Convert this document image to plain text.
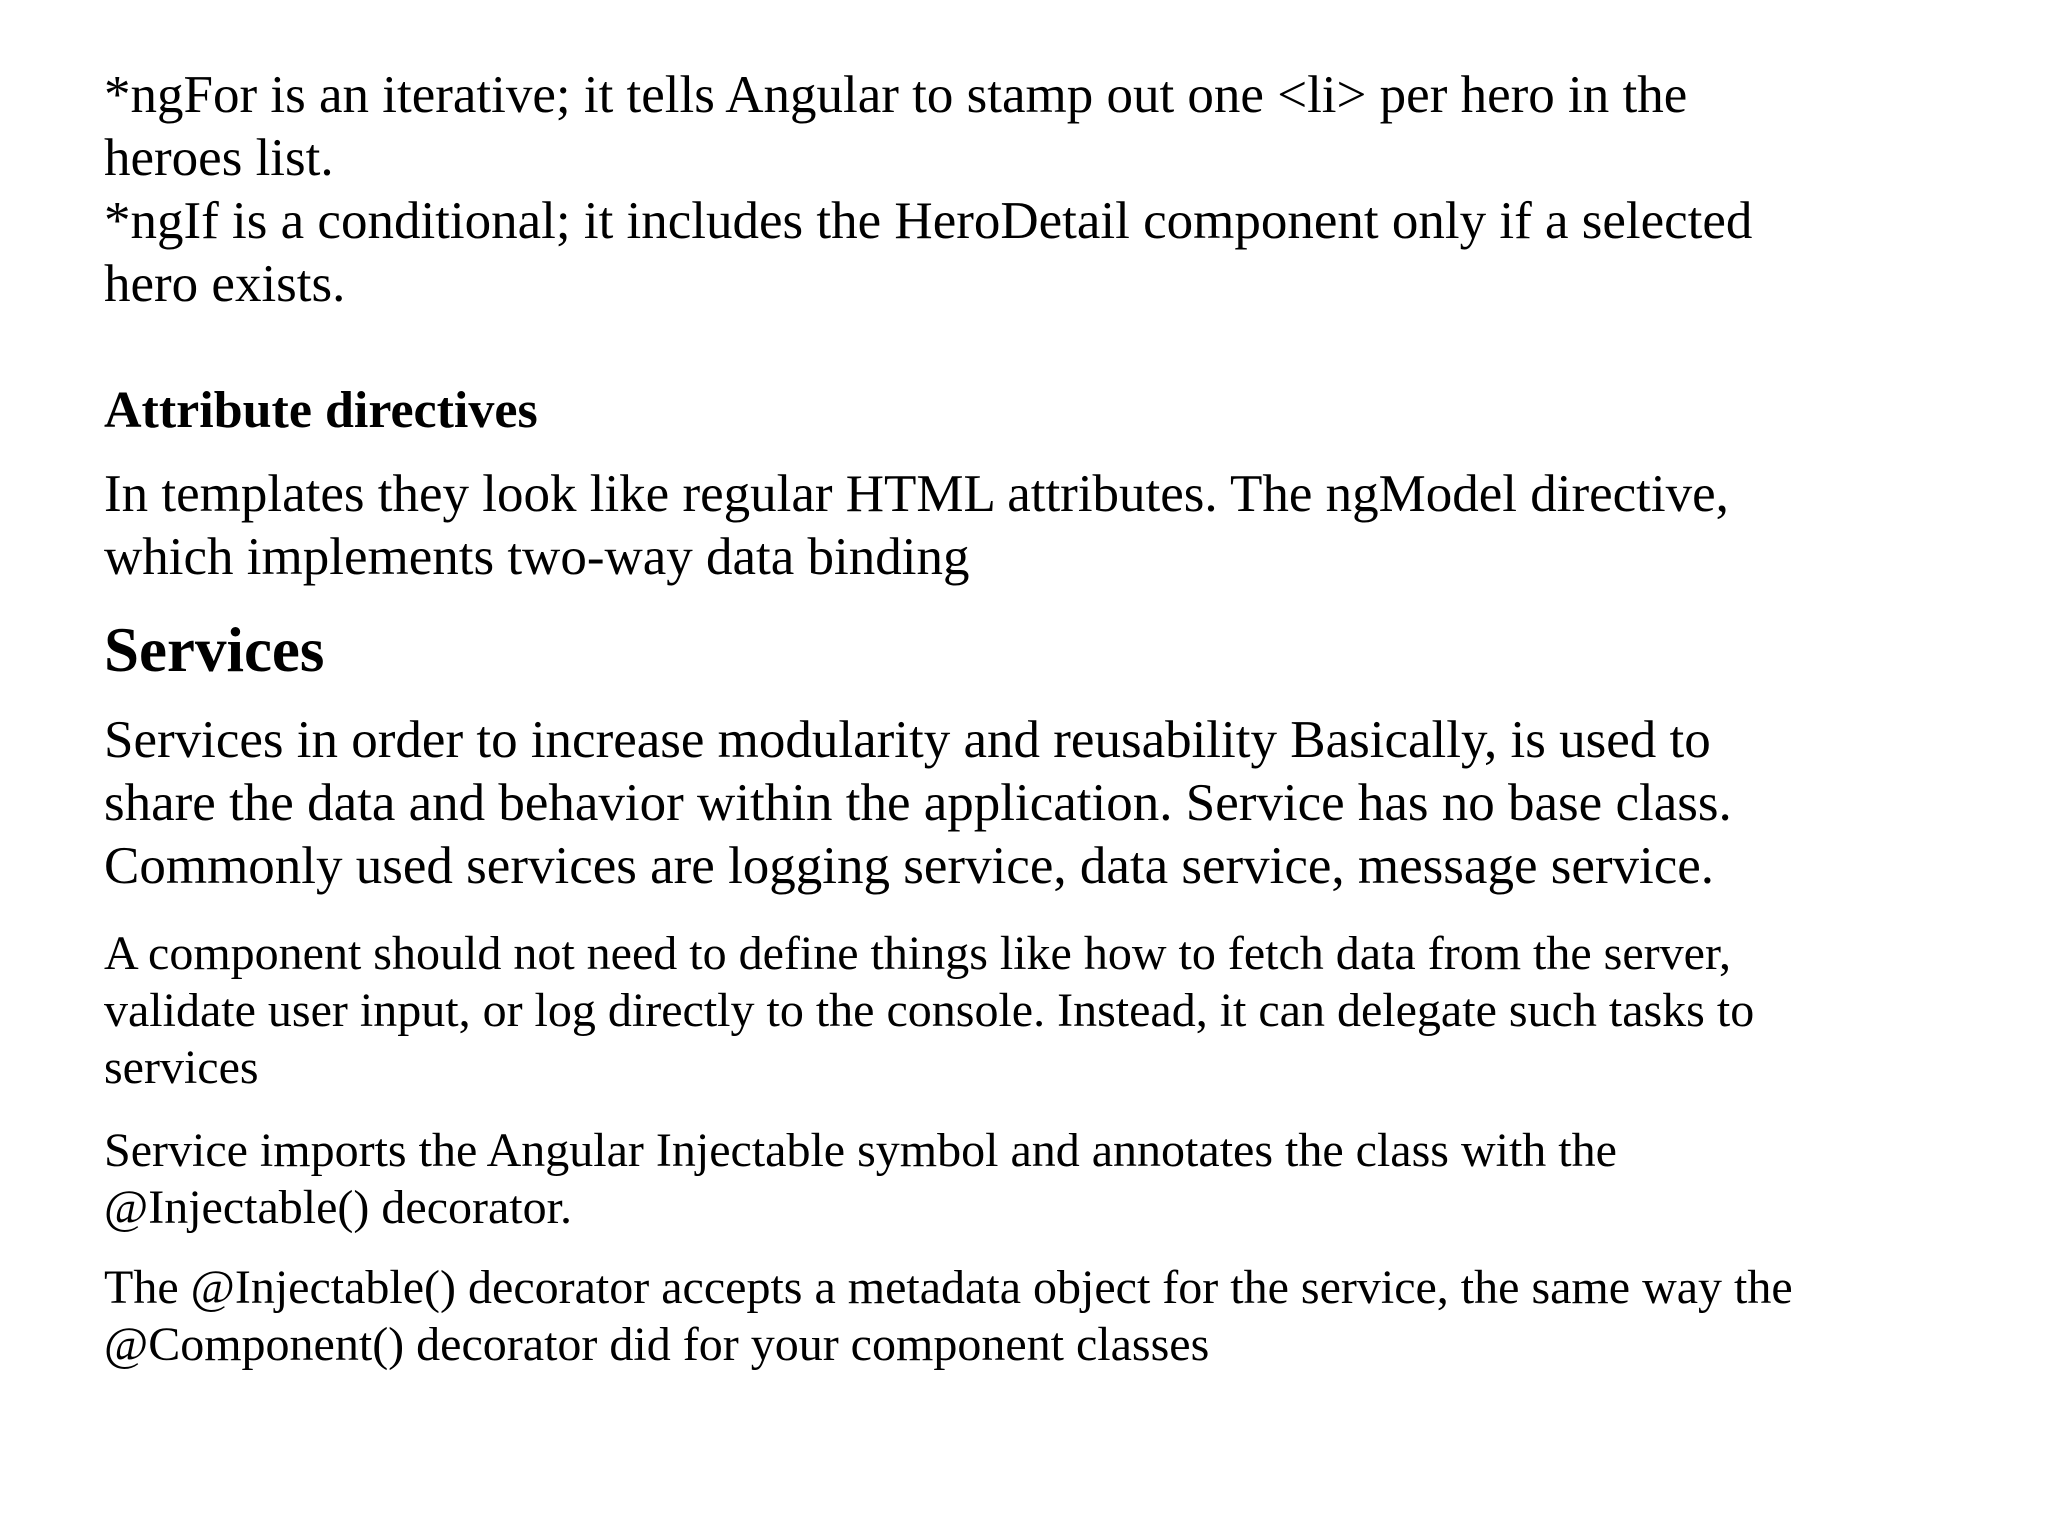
*ngFor is an iterative; it tells Angular to stamp out one <li> per hero in the
heroes list.

*ngIf is a conditional; it includes the HeroDetail component only if a selected
hero exists.

Attribute directives

In templates they look like regular HTML attributes. The ngModel directive,
which implements two-way data binding

Services

Services in order to increase modularity and reusability Basically, is used to
share the data and behavior within the application. Service has no base class.
Commonly used services are logging service, data service, message service.

A component should not need to define things like how to fetch data from the server,
validate user input, or log directly to the console. Instead, it can delegate such tasks to
services

Service imports the Angular Injectable symbol and annotates the class with the
@Injectable() decorator.

The @Injectable() decorator accepts a metadata object for the service, the same way the
@Component() decorator did for your component classes
